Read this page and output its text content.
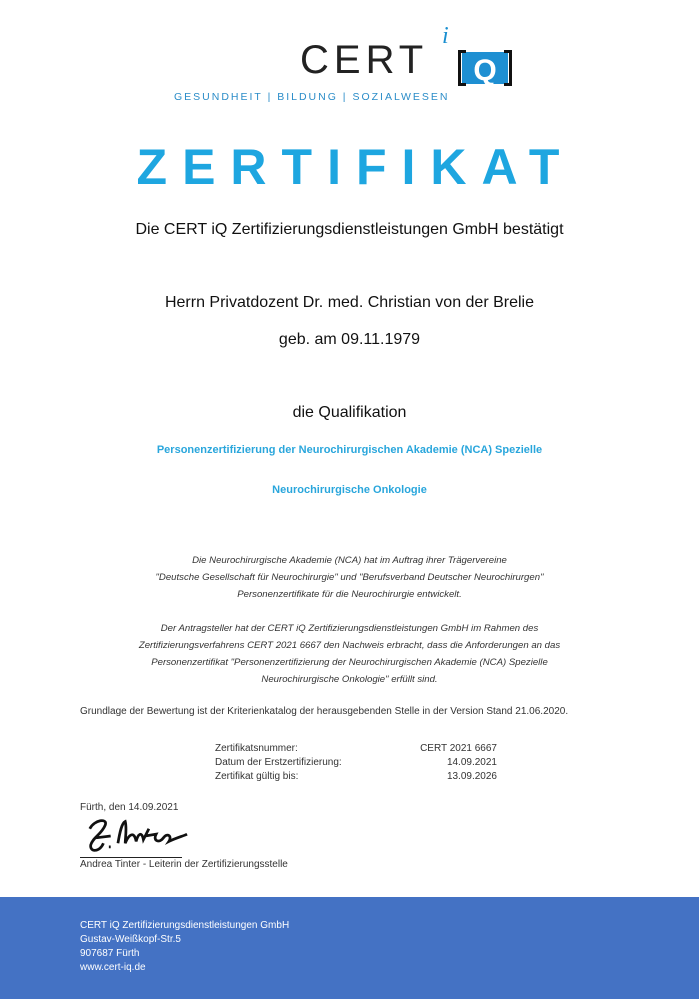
CERT
i
Q
GESUNDHEIT | BILDUNG | SOZIALWESEN
ZERTIFIKAT
Die CERT iQ Zertifizierungsdienstleistungen GmbH bestätigt
Herrn Privatdozent Dr. med. Christian von der Brelie
geb. am 09.11.1979
die Qualifikation
Personenzertifizierung der Neurochirurgischen Akademie (NCA) Spezielle
Neurochirurgische Onkologie
Die Neurochirurgische Akademie (NCA) hat im Auftrag ihrer Trägervereine
"Deutsche Gesellschaft für Neurochirurgie" und "Berufsverband Deutscher Neurochirurgen"
Personenzertifikate für die Neurochirurgie entwickelt.
Der Antragsteller hat der CERT iQ Zertifizierungsdienstleistungen GmbH im Rahmen des
Zertifizierungsverfahrens CERT 2021 6667 den Nachweis erbracht, dass die Anforderungen an das
Personenzertifikat "Personenzertifizierung der Neurochirurgischen Akademie (NCA) Spezielle
Neurochirurgische Onkologie" erfüllt sind.
Grundlage der Bewertung ist der Kriterienkatalog der herausgebenden Stelle in der Version Stand 21.06.2020.
Zertifikatsnummer:	CERT 2021 6667
Datum der Erstzertifizierung:	14.09.2021
Zertifikat gültig bis:	13.09.2026
Fürth, den 14.09.2021
Andrea Tinter - Leiterin der Zertifizierungsstelle
CERT iQ Zertifizierungsdienstleistungen GmbH
Gustav-Weißkopf-Str.5
907687 Fürth
www.cert-iq.de
